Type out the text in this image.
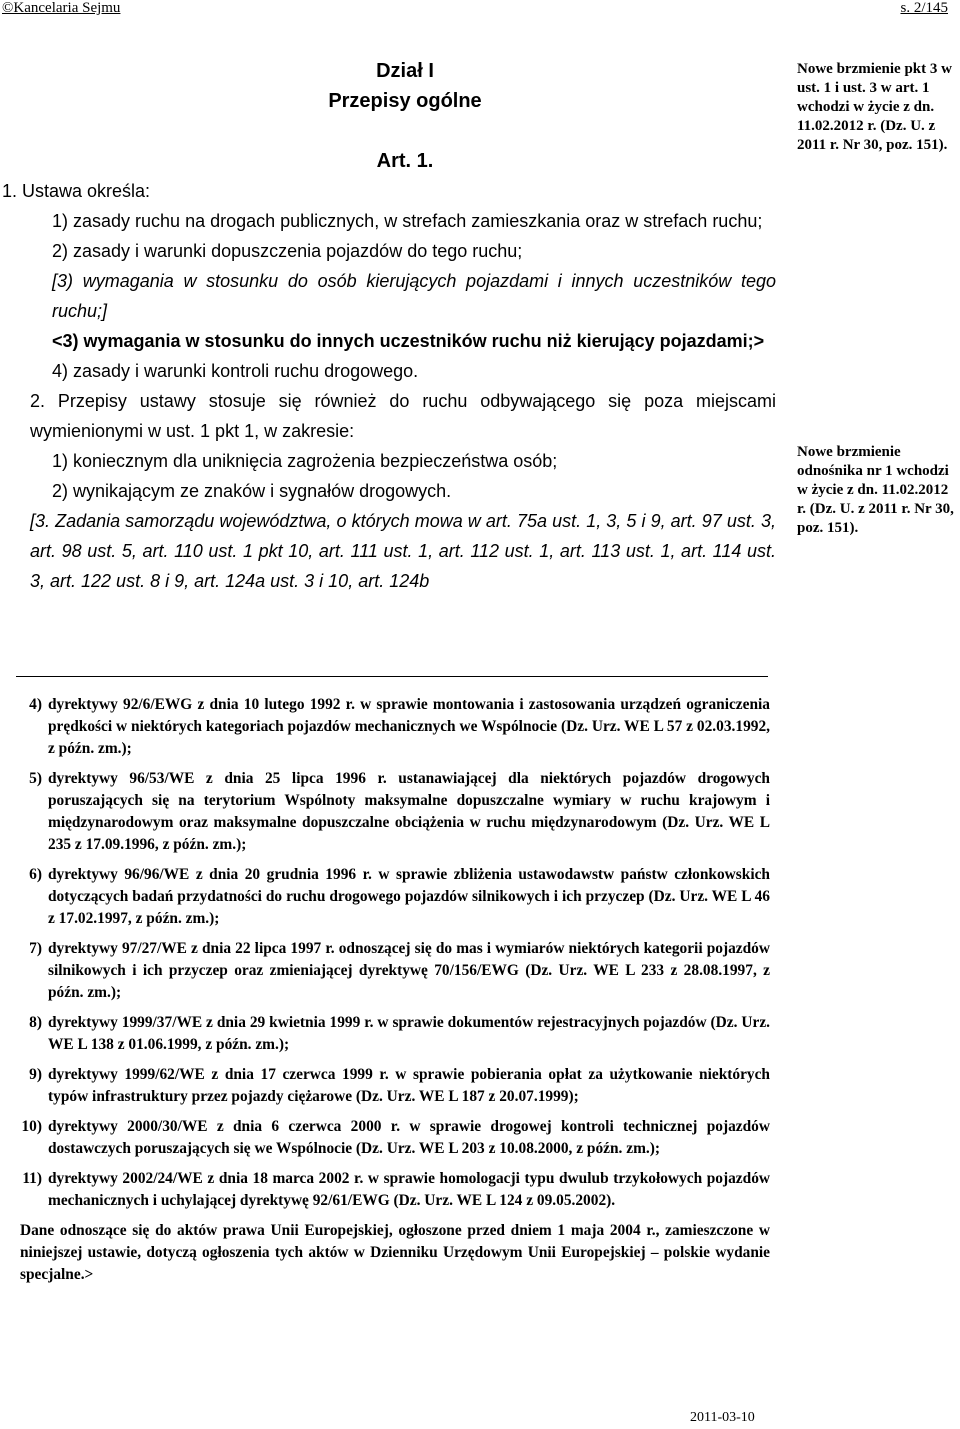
©Kancelaria Sejmu	s. 2/145
Dział I
Przepisy ogólne
Art. 1.
1. Ustawa określa:
1) zasady ruchu na drogach publicznych, w strefach zamieszkania oraz w strefach ruchu;
2) zasady i warunki dopuszczenia pojazdów do tego ruchu;
[3) wymagania w stosunku do osób kierujących pojazdami i innych uczestników tego ruchu;]
<3) wymagania w stosunku do innych uczestników ruchu niż kierujący pojazdami;>
4) zasady i warunki kontroli ruchu drogowego.
2. Przepisy ustawy stosuje się również do ruchu odbywającego się poza miejscami wymienionymi w ust. 1 pkt 1, w zakresie:
1) koniecznym dla uniknięcia zagrożenia bezpieczeństwa osób;
2) wynikającym ze znaków i sygnałów drogowych.
[3. Zadania samorządu województwa, o których mowa w art. 75a ust. 1, 3, 5 i 9, art. 97 ust. 3, art. 98 ust. 5, art. 110 ust. 1 pkt 10, art. 111 ust. 1, art. 112 ust. 1, art. 113 ust. 1, art. 114 ust. 3, art. 122 ust. 8 i 9, art. 124a ust. 3 i 10, art. 124b
Nowe brzmienie pkt 3 w ust. 1 i ust. 3 w art. 1 wchodzi w życie z dn. 11.02.2012 r. (Dz. U. z 2011 r. Nr 30, poz. 151).
Nowe brzmienie odnośnika nr 1 wchodzi w życie z dn. 11.02.2012 r. (Dz. U. z 2011 r. Nr 30, poz. 151).
4) dyrektywy 92/6/EWG z dnia 10 lutego 1992 r. w sprawie montowania i zastosowania urządzeń ograniczenia prędkości w niektórych kategoriach pojazdów mechanicznych we Wspólnocie (Dz. Urz. WE L 57 z 02.03.1992, z późn. zm.);
5) dyrektywy 96/53/WE z dnia 25 lipca 1996 r. ustanawiającej dla niektórych pojazdów drogowych poruszających się na terytorium Wspólnoty maksymalne dopuszczalne wymiary w ruchu krajowym i międzynarodowym oraz maksymalne dopuszczalne obciążenia w ruchu międzynarodowym (Dz. Urz. WE L 235 z 17.09.1996, z późn. zm.);
6) dyrektywy 96/96/WE z dnia 20 grudnia 1996 r. w sprawie zbliżenia ustawodawstw państw członkowskich dotyczących badań przydatności do ruchu drogowego pojazdów silnikowych i ich przyczep (Dz. Urz. WE L 46 z 17.02.1997, z późn. zm.);
7) dyrektywy 97/27/WE z dnia 22 lipca 1997 r. odnoszącej się do mas i wymiarów niektórych kategorii pojazdów silnikowych i ich przyczep oraz zmieniającej dyrektywę 70/156/EWG (Dz. Urz. WE L 233 z 28.08.1997, z późn. zm.);
8) dyrektywy 1999/37/WE z dnia 29 kwietnia 1999 r. w sprawie dokumentów rejestracyjnych pojazdów (Dz. Urz. WE L 138 z 01.06.1999, z późn. zm.);
9) dyrektywy 1999/62/WE z dnia 17 czerwca 1999 r. w sprawie pobierania opłat za użytkowanie niektórych typów infrastruktury przez pojazdy ciężarowe (Dz. Urz. WE L 187 z 20.07.1999);
10) dyrektywy 2000/30/WE z dnia 6 czerwca 2000 r. w sprawie drogowej kontroli technicznej pojazdów dostawczych poruszających się we Wspólnocie (Dz. Urz. WE L 203 z 10.08.2000, z późn. zm.);
11) dyrektywy 2002/24/WE z dnia 18 marca 2002 r. w sprawie homologacji typu dwulub trzykołowych pojazdów mechanicznych i uchylającej dyrektywę 92/61/EWG (Dz. Urz. WE L 124 z 09.05.2002).
Dane odnoszące się do aktów prawa Unii Europejskiej, ogłoszone przed dniem 1 maja 2004 r., zamieszczone w niniejszej ustawie, dotyczą ogłoszenia tych aktów w Dzienniku Urzędowym Unii Europejskiej – polskie wydanie specjalne.>
2011-03-10
